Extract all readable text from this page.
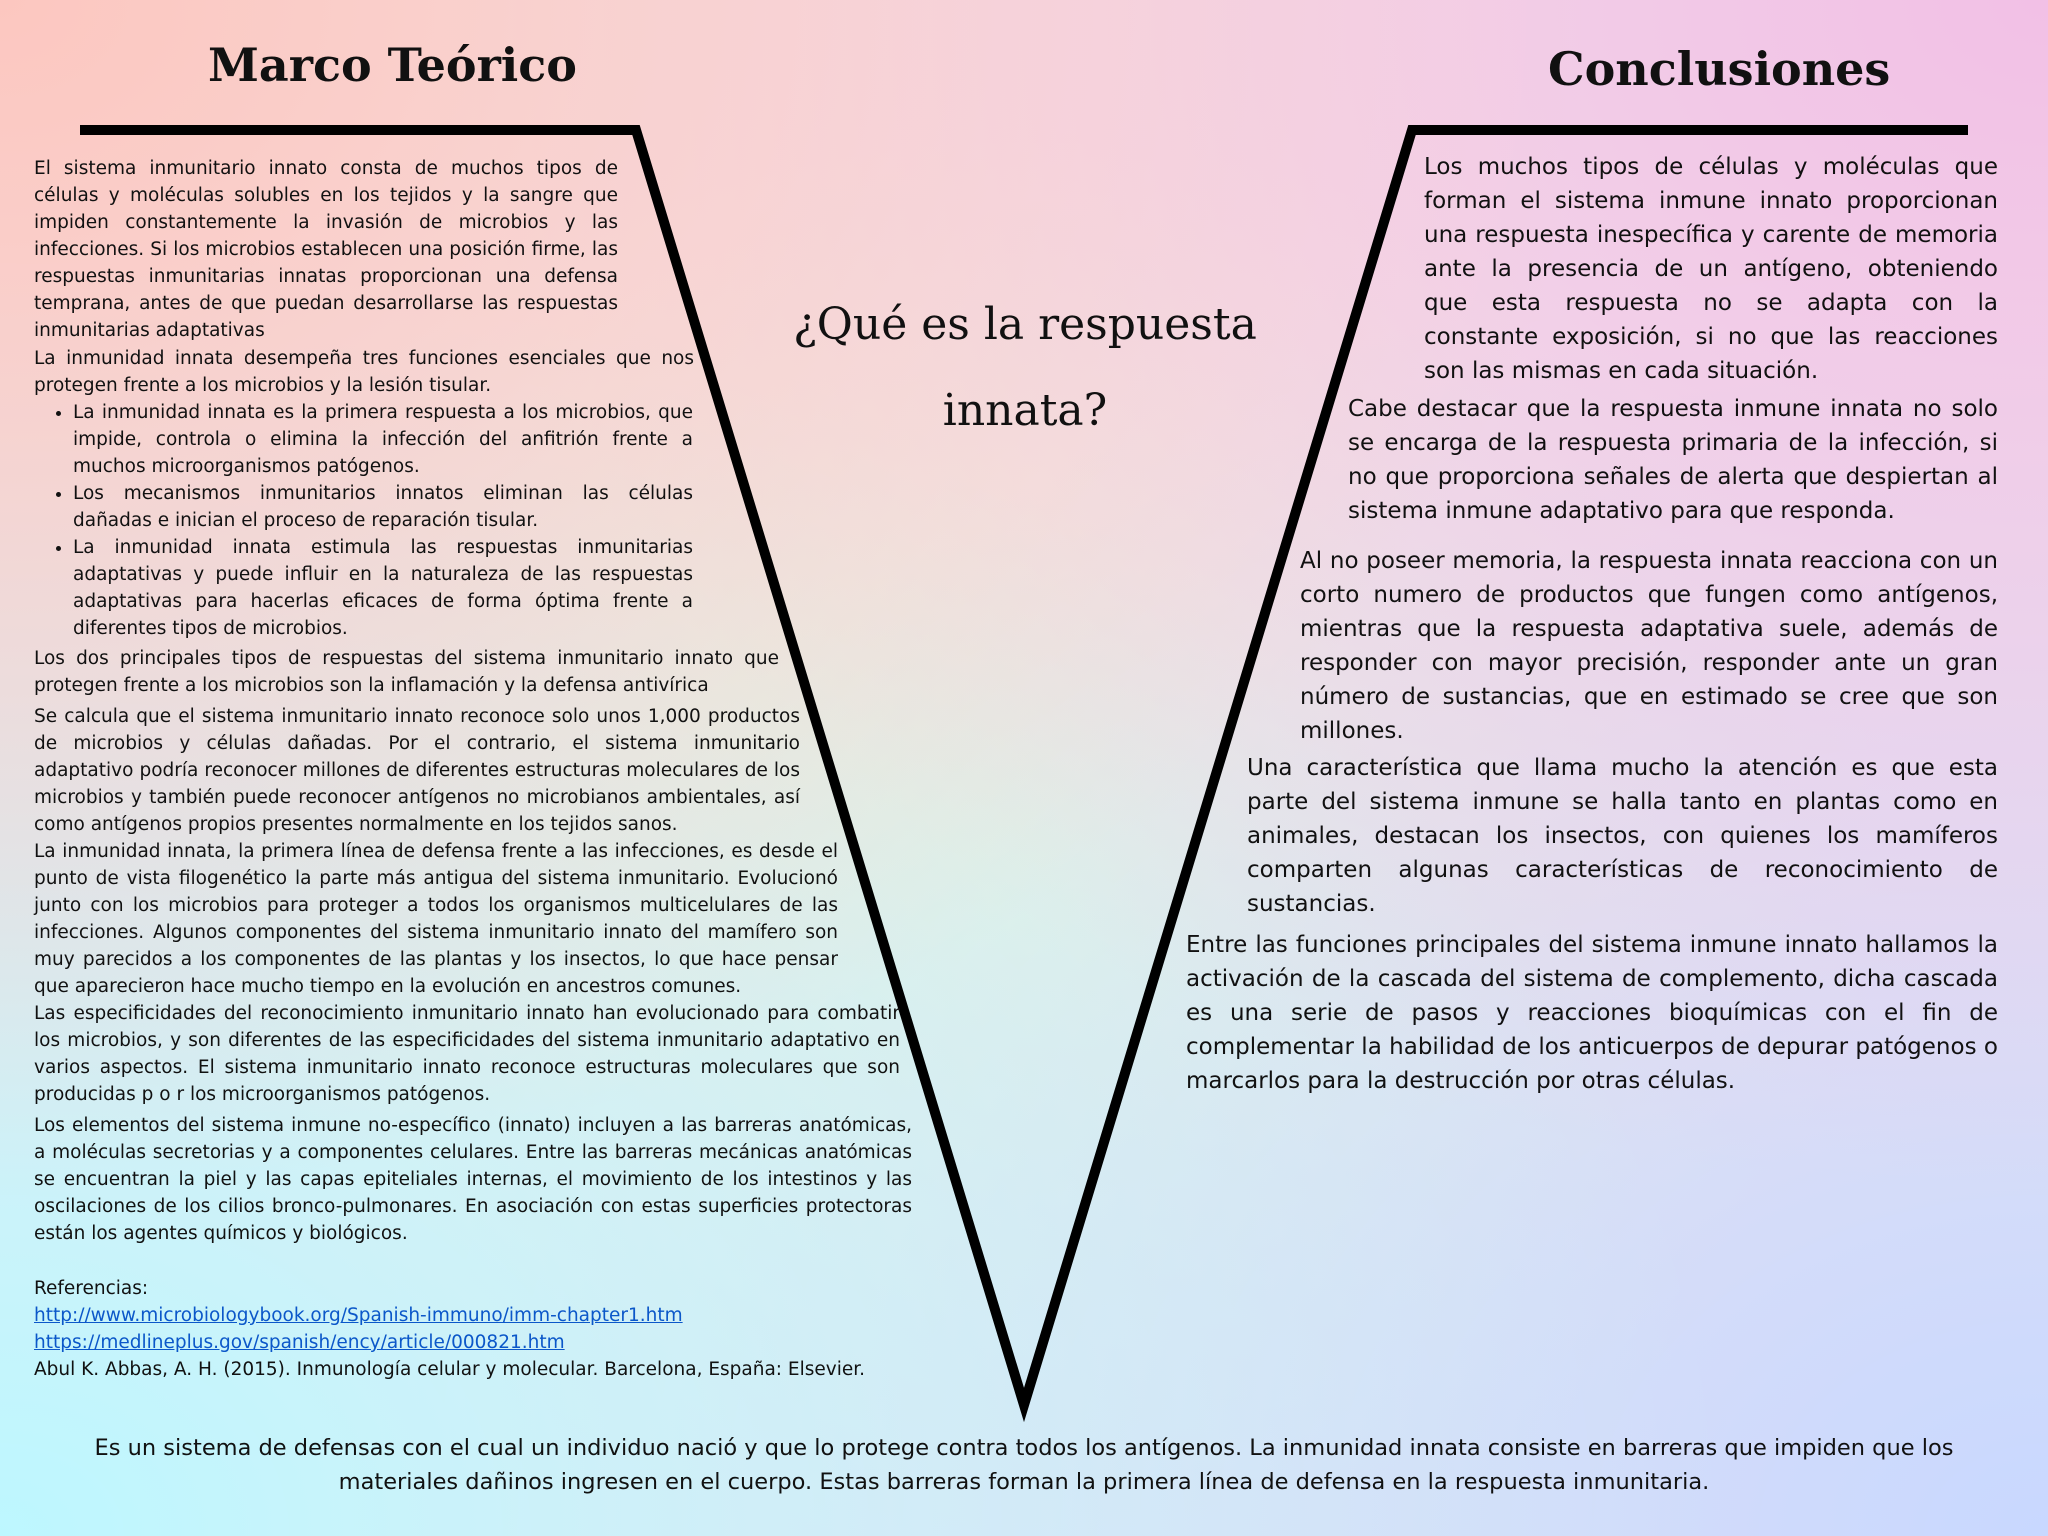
Marco Teórico	Conclusiones
¿Qué es la respuesta
innata?

El sistema inmunitario innato consta de muchos tipos de células y moléculas solubles en los tejidos y la sangre que impiden constantemente la invasión de microbios y las infecciones. Si los microbios establecen una posición firme, las respuestas inmunitarias innatas proporcionan una defensa temprana, antes de que puedan desarrollarse las respuestas inmunitarias adaptativas

La inmunidad innata desempeña tres funciones esenciales que nos protegen frente a los microbios y la lesión tisular.

• La inmunidad innata es la primera respuesta a los microbios, que impide, controla o elimina la infección del anfitrión frente a muchos microorganismos patógenos.
• Los mecanismos inmunitarios innatos eliminan las células dañadas e inician el proceso de reparación tisular.
• La inmunidad innata estimula las respuestas inmunitarias adaptativas y puede influir en la naturaleza de las respuestas adaptativas para hacerlas eficaces de forma óptima frente a diferentes tipos de microbios.

Los dos principales tipos de respuestas del sistema inmunitario innato que protegen frente a los microbios son la inflamación y la defensa antivírica

Se calcula que el sistema inmunitario innato reconoce solo unos 1,000 productos de microbios y células dañadas. Por el contrario, el sistema inmunitario adaptativo podría reconocer millones de diferentes estructuras moleculares de los microbios y también puede reconocer antígenos no microbianos ambientales, así como antígenos propios presentes normalmente en los tejidos sanos.

La inmunidad innata, la primera línea de defensa frente a las infecciones, es desde el punto de vista filogenético la parte más antigua del sistema inmunitario. Evolucionó junto con los microbios para proteger a todos los organismos multicelulares de las infecciones. Algunos componentes del sistema inmunitario innato del mamífero son muy parecidos a los componentes de las plantas y los insectos, lo que hace pensar que aparecieron hace mucho tiempo en la evolución en ancestros comunes.

Las especificidades del reconocimiento inmunitario innato han evolucionado para combatir los microbios, y son diferentes de las especificidades del sistema inmunitario adaptativo en varios aspectos. El sistema inmunitario innato reconoce estructuras moleculares que son producidas p o r los microorganismos patógenos.

Los elementos del sistema inmune no-específico (innato) incluyen a las barreras anatómicas, a moléculas secretorias y a componentes celulares. Entre las barreras mecánicas anatómicas se encuentran la piel y las capas epiteliales internas, el movimiento de los intestinos y las oscilaciones de los cilios bronco-pulmonares. En asociación con estas superficies protectoras están los agentes químicos y biológicos.

Referencias:
http://www.microbiologybook.org/Spanish-immuno/imm-chapter1.htm
https://medlineplus.gov/spanish/ency/article/000821.htm
Abul K. Abbas, A. H. (2015). Inmunología celular y molecular. Barcelona, España: Elsevier.

Los muchos tipos de células y moléculas que forman el sistema inmune innato proporcionan una respuesta inespecífica y carente de memoria ante la presencia de un antígeno, obteniendo que esta respuesta no se adapta con la constante exposición, si no que las reacciones son las mismas en cada situación.

Cabe destacar que la respuesta inmune innata no solo se encarga de la respuesta primaria de la infección, si no que proporciona señales de alerta que despiertan al sistema inmune adaptativo para que responda.

Al no poseer memoria, la respuesta innata reacciona con un corto numero de productos que fungen como antígenos, mientras que la respuesta adaptativa suele, además de responder con mayor precisión, responder ante un gran número de sustancias, que en estimado se cree que son millones.

Una característica que llama mucho la atención es que esta parte del sistema inmune se halla tanto en plantas como en animales, destacan los insectos, con quienes los mamíferos comparten algunas características de reconocimiento de sustancias.

Entre las funciones principales del sistema inmune innato hallamos la activación de la cascada del sistema de complemento, dicha cascada es una serie de pasos y reacciones bioquímicas con el fin de complementar la habilidad de los anticuerpos de depurar patógenos o marcarlos para la destrucción por otras células.

Es un sistema de defensas con el cual un individuo nació y que lo protege contra todos los antígenos. La inmunidad innata consiste en barreras que impiden que los materiales dañinos ingresen en el cuerpo. Estas barreras forman la primera línea de defensa en la respuesta inmunitaria.
